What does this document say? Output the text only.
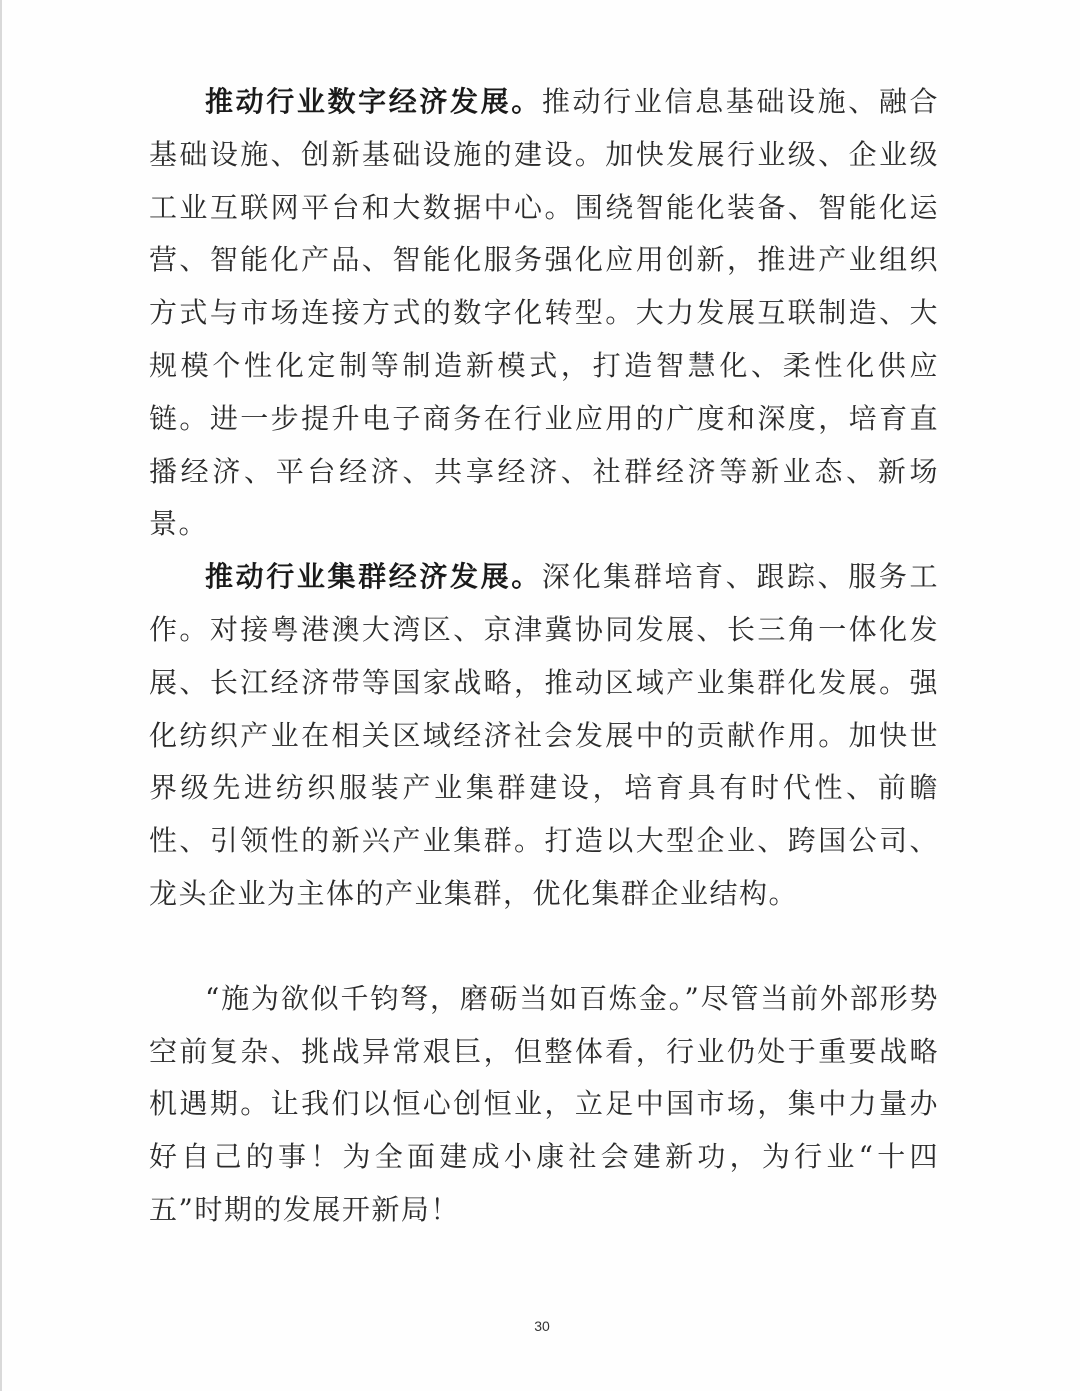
推动行业数字经济发展。推动行业信息基础设施、融合基础设施、创新基础设施的建设。加快发展行业级、企业级工业互联网平台和大数据中心。围绕智能化装备、智能化运营、智能化产品、智能化服务强化应用创新，推进产业组织方式与市场连接方式的数字化转型。大力发展互联制造、大规模个性化定制等制造新模式，打造智慧化、柔性化供应链。进一步提升电子商务在行业应用的广度和深度，培育直播经济、平台经济、共享经济、社群经济等新业态、新场景。

推动行业集群经济发展。深化集群培育、跟踪、服务工作。对接粤港澳大湾区、京津冀协同发展、长三角一体化发展、长江经济带等国家战略，推动区域产业集群化发展。强化纺织产业在相关区域经济社会发展中的贡献作用。加快世界级先进纺织服装产业集群建设，培育具有时代性、前瞻性、引领性的新兴产业集群。打造以大型企业、跨国公司、龙头企业为主体的产业集群，优化集群企业结构。

“施为欲似千钧弩，磨砺当如百炼金。”尽管当前外部形势空前复杂、挑战异常艰巨，但整体看，行业仍处于重要战略机遇期。让我们以恒心创恒业，立足中国市场，集中力量办好自己的事！为全面建成小康社会建新功，为行业“十四五”时期的发展开新局！

30
